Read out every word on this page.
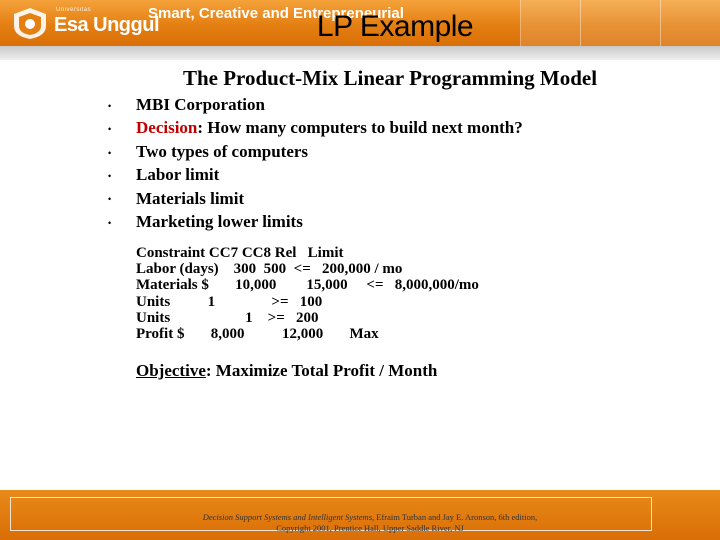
Universitas
Esa Unggul
Smart, Creative and Entrepreneurial
LP Example
The Product-Mix Linear Programming Model
• MBI Corporation
• Decision: How many computers to build next month?
• Two types of computers
• Labor limit
• Materials limit
• Marketing lower limits
Constraint CC7 CC8 Rel   Limit
Labor (days)    300  500  <=   200,000 / mo
Materials $       10,000        15,000     <=   8,000,000/mo
Units          1               >=   100
Units                    1    >=   200
Profit $       8,000          12,000       Max
Objective: Maximize Total Profit / Month
Decision Support Systems and Intelligent Systems, Efraim Turban and Jay E. Aronson, 6th edition,
Copyright 2001, Prentice Hall, Upper Saddle River, NJ
36
